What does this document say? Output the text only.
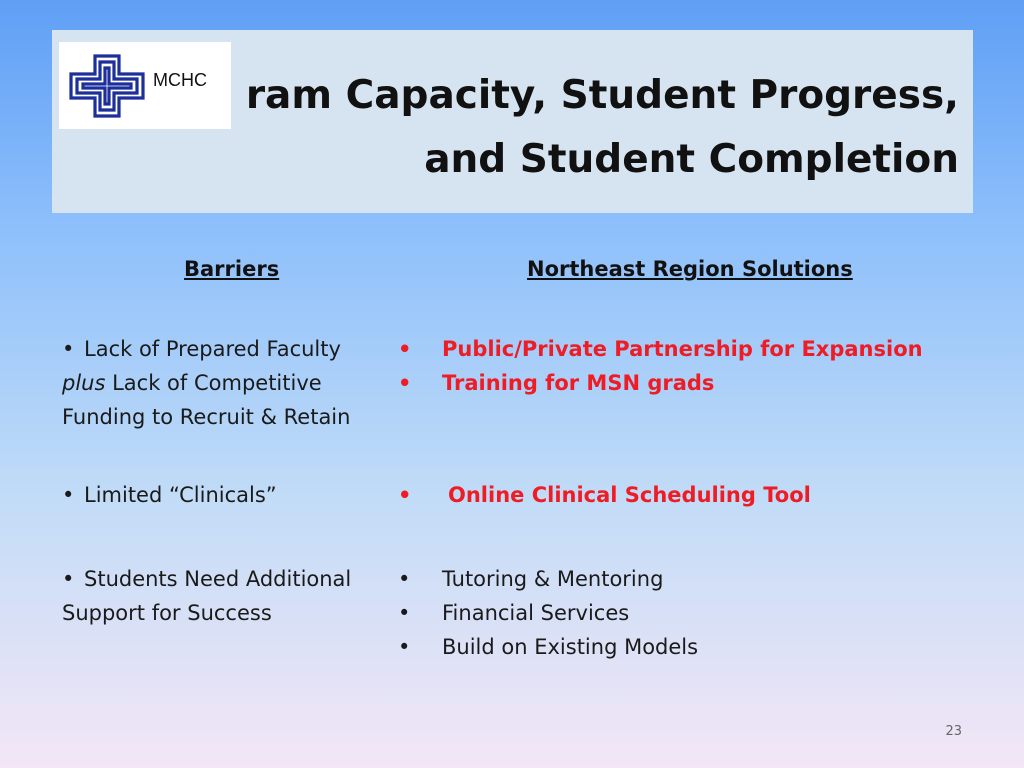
ram Capacity, Student Progress,
and Student Completion
MCHC
Barriers	Northeast Region Solutions
• Lack of Prepared Faculty
plus Lack of Competitive
Funding to Recruit & Retain
• Public/Private Partnership for Expansion
• Training for MSN grads
• Limited “Clinicals”
•	Online Clinical Scheduling Tool
• Students Need Additional
Support for Success
• Tutoring & Mentoring
• Financial Services
• Build on Existing Models
23
